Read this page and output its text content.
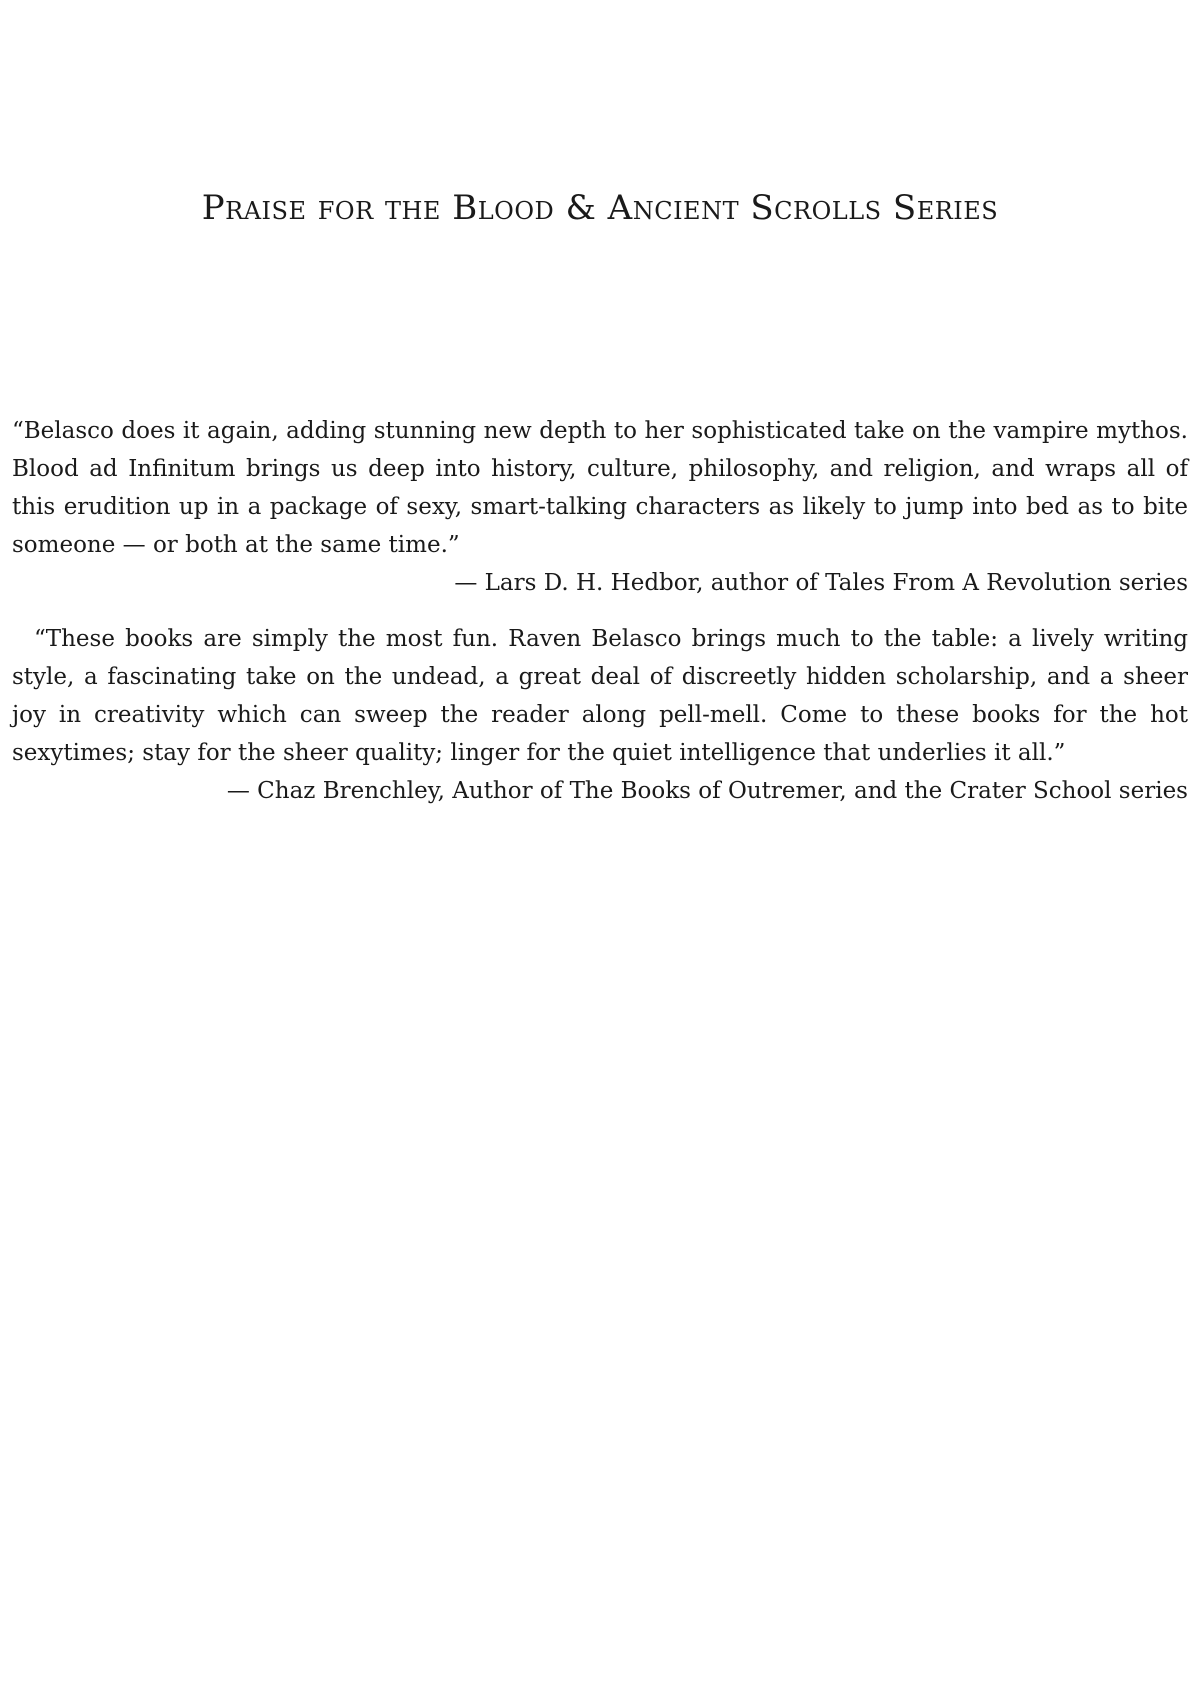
Praise for the Blood & Ancient Scrolls Series

“Belasco does it again, adding stunning new depth to her sophisticated take on the vampire mythos. Blood ad Infinitum brings us deep into history, culture, philosophy, and religion, and wraps all of this erudition up in a package of sexy, smart-talking characters as likely to jump into bed as to bite someone — or both at the same time.”

— Lars D. H. Hedbor, author of Tales From A Revolution series

“These books are simply the most fun. Raven Belasco brings much to the table: a lively writing style, a fascinating take on the undead, a great deal of discreetly hidden scholarship, and a sheer joy in creativity which can sweep the reader along pell-mell. Come to these books for the hot sexytimes; stay for the sheer quality; linger for the quiet intelligence that underlies it all.”

— Chaz Brenchley, Author of The Books of Outremer, and the Crater School series
